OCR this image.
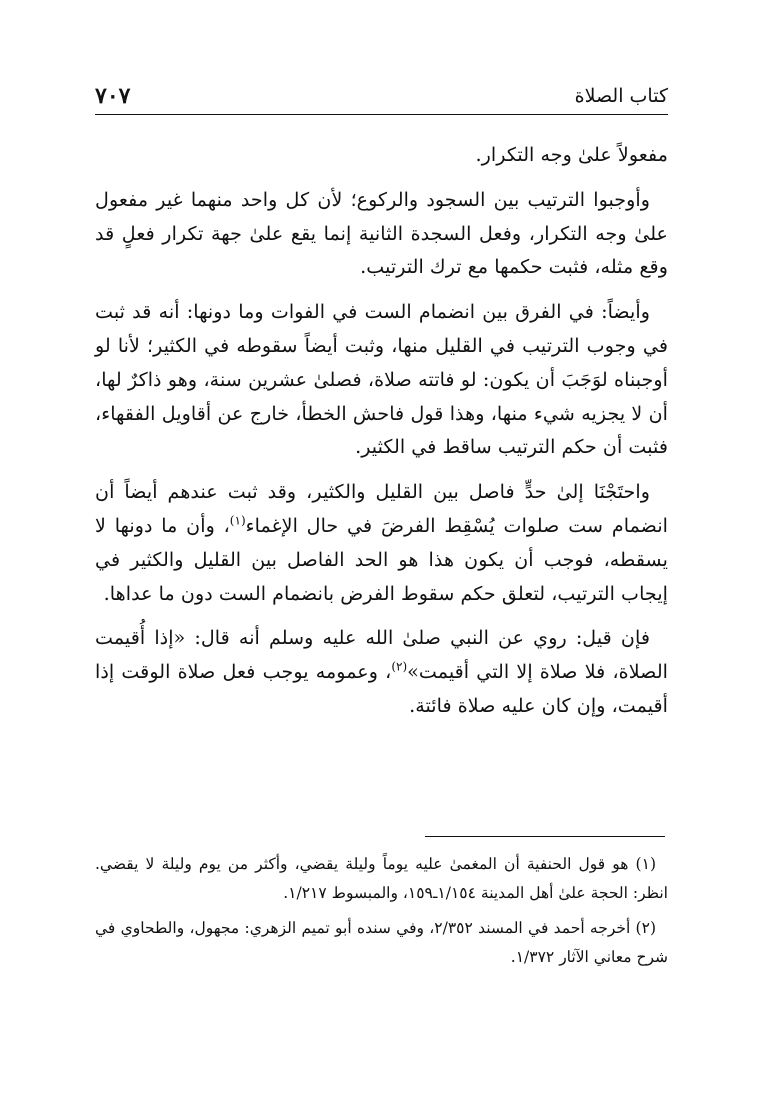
كتاب الصلاة
٧٠٧

مفعولاً علىٰ وجه التكرار.

وأوجبوا الترتيب بين السجود والركوع؛ لأن كل واحد منهما غير مفعول علىٰ وجه التكرار، وفعل السجدة الثانية إنما يقع علىٰ جهة تكرار فعلٍ قد وقع مثله، فثبت حكمها مع ترك الترتيب.

وأيضاً: في الفرق بين انضمام الست في الفوات وما دونها: أنه قد ثبت في وجوب الترتيب في القليل منها، وثبت أيضاً سقوطه في الكثير؛ لأنا لو أوجبناه لوَجَبَ أن يكون: لو فاتته صلاة، فصلىٰ عشرين سنة، وهو ذاكرٌ لها، أن لا يجزيه شيء منها، وهذا قول فاحش الخطأ، خارج عن أقاويل الفقهاء، فثبت أن حكم الترتيب ساقط في الكثير.

واحتَجْنَا إلىٰ حدٍّ فاصل بين القليل والكثير، وقد ثبت عندهم أيضاً أن انضمام ست صلوات يُسْقِط الفرضَ في حال الإغماء$^{(١)}$، وأن ما دونها لا يسقطه، فوجب أن يكون هذا هو الحد الفاصل بين القليل والكثير في إيجاب الترتيب، لتعلق حكم سقوط الفرض بانضمام الست دون ما عداها.

فإن قيل: روي عن النبي صلىٰ الله عليه وسلم أنه قال: «إذا أُقيمت الصلاة، فلا صلاة إلا التي أقيمت»$^{(٢)}$، وعمومه يوجب فعل صلاة الوقت إذا أقيمت، وإن كان عليه صلاة فائتة.

(١) هو قول الحنفية أن المغمىٰ عليه يوماً وليلة يقضي، وأكثر من يوم وليلة لا يقضي. انظر: الحجة علىٰ أهل المدينة ١/١٥٤ـ١٥٩، والمبسوط ١/٢١٧.

(٢) أخرجه أحمد في المسند ٢/٣٥٢، وفي سنده أبو تميم الزهري: مجهول، والطحاوي في شرح معاني الآثار ١/٣٧٢.
